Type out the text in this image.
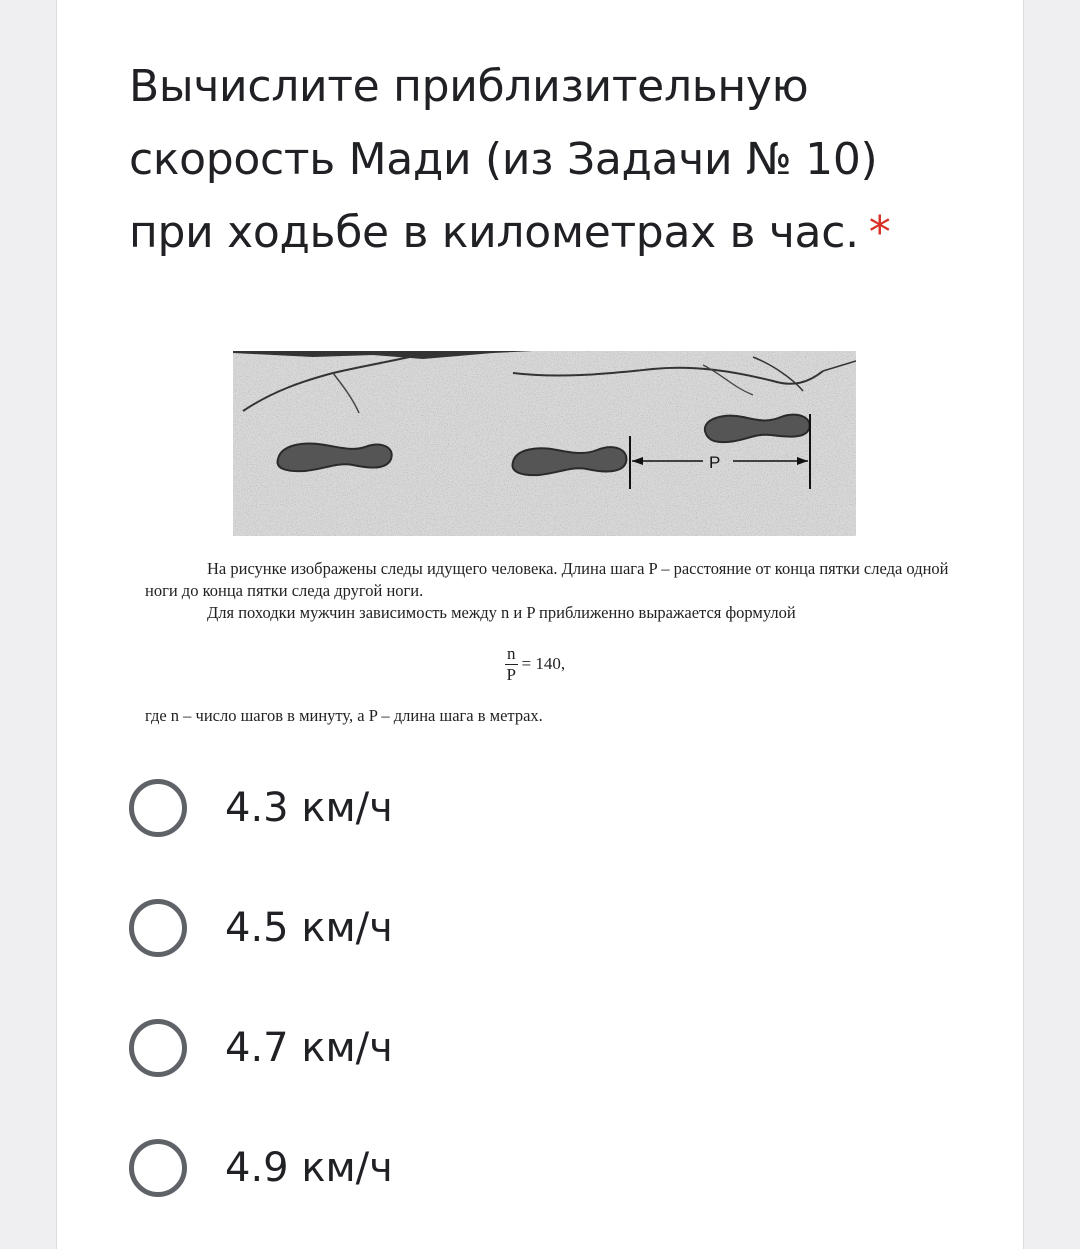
Вычислите приблизительную скорость Мади (из Задачи № 10) при ходьбе в километрах в час. *
P

На рисунке изображены следы идущего человека. Длина шага P – расстояние от конца пятки следа одной ноги до конца пятки следа другой ноги.

Для походки мужчин зависимость между n и P приближенно выражается формулой

$\frac{n}{P} = 140$,
где n – число шагов в минуту, а P – длина шага в метрах.
4.3 км/ч
4.5 км/ч
4.7 км/ч
4.9 км/ч
